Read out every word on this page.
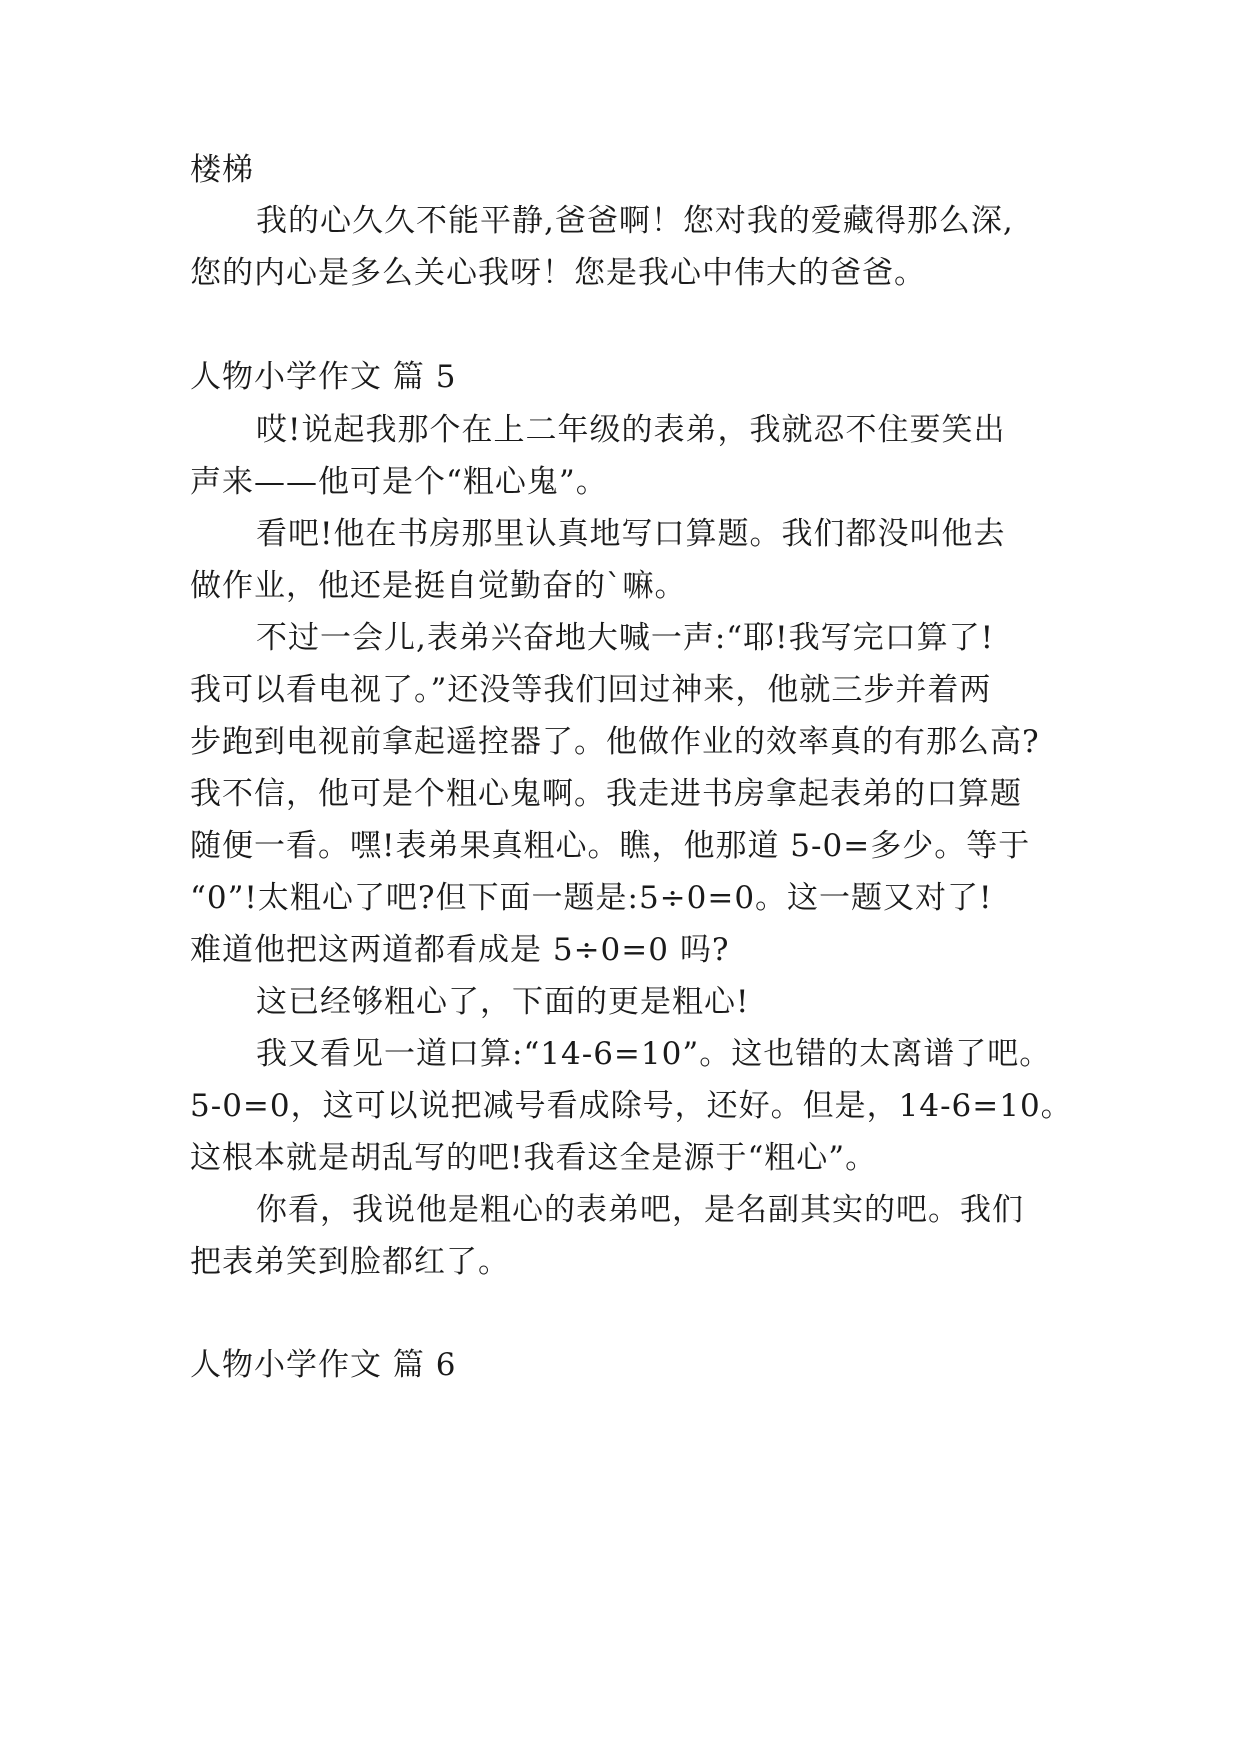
楼梯
我的心久久不能平静,爸爸啊！您对我的爱藏得那么深,
您的内心是多么关心我呀！您是我心中伟大的爸爸。
人物小学作文 篇 5
哎!说起我那个在上二年级的表弟，我就忍不住要笑出
声来——他可是个“粗心鬼”。
看吧!他在书房那里认真地写口算题。我们都没叫他去
做作业，他还是挺自觉勤奋的`嘛。
不过一会儿,表弟兴奋地大喊一声:“耶!我写完口算了!
我可以看电视了。”还没等我们回过神来，他就三步并着两
步跑到电视前拿起遥控器了。他做作业的效率真的有那么高?
我不信，他可是个粗心鬼啊。我走进书房拿起表弟的口算题
随便一看。嘿!表弟果真粗心。瞧，他那道 5-0=多少。等于
“0”!太粗心了吧?但下面一题是:5÷0=0。这一题又对了!
难道他把这两道都看成是 5÷0=0 吗?
这已经够粗心了，下面的更是粗心!
我又看见一道口算:“14-6=10”。这也错的太离谱了吧。
5-0=0，这可以说把减号看成除号，还好。但是，14-6=10。
这根本就是胡乱写的吧!我看这全是源于“粗心”。
你看，我说他是粗心的表弟吧，是名副其实的吧。我们
把表弟笑到脸都红了。
人物小学作文 篇 6
